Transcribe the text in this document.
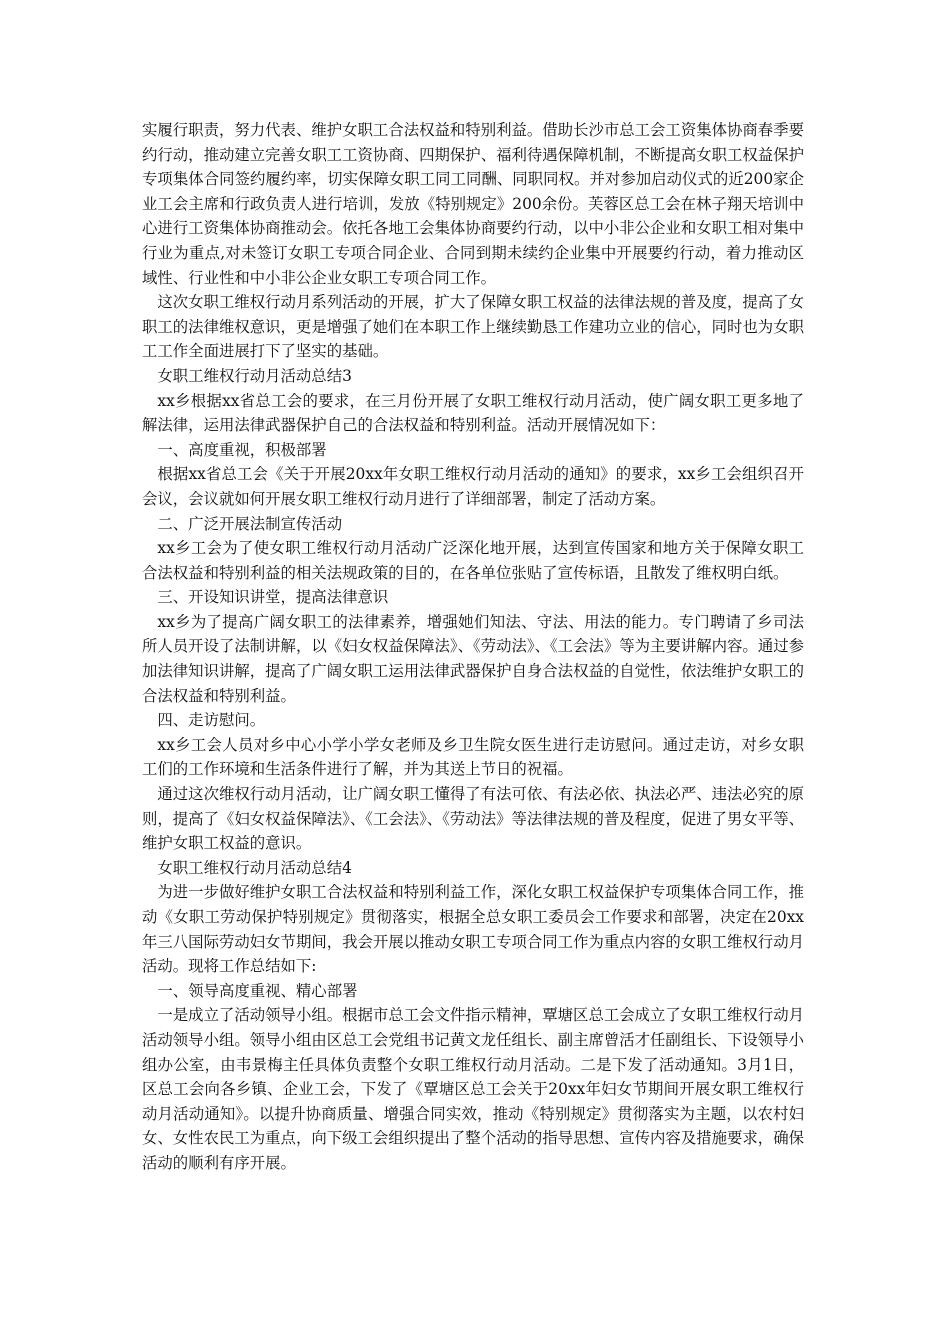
实履行职责，努力代表、维护女职工合法权益和特别利益。借助长沙市总工会工资集体协商春季要约行动，推动建立完善女职工工资协商、四期保护、福利待遇保障机制，不断提高女职工权益保护专项集体合同签约履约率，切实保障女职工同工同酬、同职同权。并对参加启动仪式的近200家企业工会主席和行政负责人进行培训，发放《特别规定》200余份。芙蓉区总工会在林子翔天培训中心进行工资集体协商推动会。依托各地工会集体协商要约行动，以中小非公企业和女职工相对集中行业为重点,对未签订女职工专项合同企业、合同到期未续约企业集中开展要约行动，着力推动区域性、行业性和中小非公企业女职工专项合同工作。

这次女职工维权行动月系列活动的开展，扩大了保障女职工权益的法律法规的普及度，提高了女职工的法律维权意识，更是增强了她们在本职工作上继续勤恳工作建功立业的信心，同时也为女职工工作全面进展打下了坚实的基础。

女职工维权行动月活动总结3

xx乡根据xx省总工会的要求，在三月份开展了女职工维权行动月活动，使广阔女职工更多地了解法律，运用法律武器保护自己的合法权益和特别利益。活动开展情况如下：

一、高度重视，积极部署

根据xx省总工会《关于开展20xx年女职工维权行动月活动的通知》的要求，xx乡工会组织召开会议，会议就如何开展女职工维权行动月进行了详细部署，制定了活动方案。

二、广泛开展法制宣传活动

xx乡工会为了使女职工维权行动月活动广泛深化地开展，达到宣传国家和地方关于保障女职工合法权益和特别利益的相关法规政策的目的，在各单位张贴了宣传标语，且散发了维权明白纸。

三、开设知识讲堂，提高法律意识

xx乡为了提高广阔女职工的法律素养，增强她们知法、守法、用法的能力。专门聘请了乡司法所人员开设了法制讲解，以《妇女权益保障法》、《劳动法》、《工会法》等为主要讲解内容。通过参加法律知识讲解，提高了广阔女职工运用法律武器保护自身合法权益的自觉性，依法维护女职工的合法权益和特别利益。

四、走访慰问。

xx乡工会人员对乡中心小学小学女老师及乡卫生院女医生进行走访慰问。通过走访，对乡女职工们的工作环境和生活条件进行了解，并为其送上节日的祝福。

通过这次维权行动月活动，让广阔女职工懂得了有法可依、有法必依、执法必严、违法必究的原则，提高了《妇女权益保障法》、《工会法》、《劳动法》等法律法规的普及程度，促进了男女平等、维护女职工权益的意识。

女职工维权行动月活动总结4

为进一步做好维护女职工合法权益和特别利益工作，深化女职工权益保护专项集体合同工作，推动《女职工劳动保护特别规定》贯彻落实，根据全总女职工委员会工作要求和部署，决定在20xx年三八国际劳动妇女节期间，我会开展以推动女职工专项合同工作为重点内容的女职工维权行动月活动。现将工作总结如下:

一、领导高度重视、精心部署

一是成立了活动领导小组。根据市总工会文件指示精神，覃塘区总工会成立了女职工维权行动月活动领导小组。领导小组由区总工会党组书记黄文龙任组长、副主席曾活才任副组长、下设领导小组办公室，由韦景梅主任具体负责整个女职工维权行动月活动。二是下发了活动通知。3月1日，区总工会向各乡镇、企业工会，下发了《覃塘区总工会关于20xx年妇女节期间开展女职工维权行动月活动通知》。以提升协商质量、增强合同实效，推动《特别规定》贯彻落实为主题，以农村妇女、女性农民工为重点，向下级工会组织提出了整个活动的指导思想、宣传内容及措施要求，确保活动的顺利有序开展。
